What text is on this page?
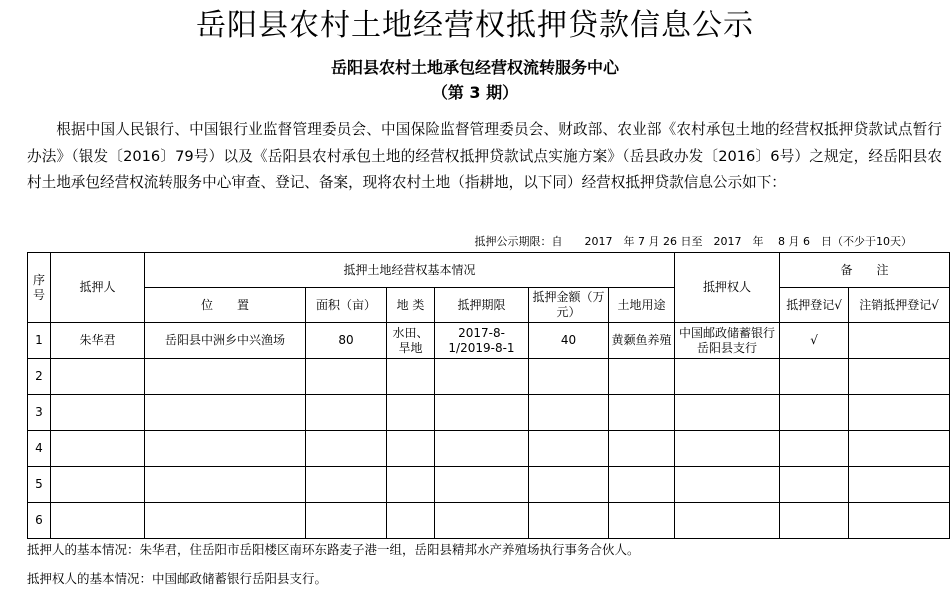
岳阳县农村土地经营权抵押贷款信息公示
岳阳县农村土地承包经营权流转服务中心
（第 3 期）
根据中国人民银行、中国银行业监督管理委员会、中国保险监督管理委员会、财政部、农业部《农村承包土地的经营权抵押贷款试点暂行办法》（银发〔2016〕79号）以及《岳阳县农村承包土地的经营权抵押贷款试点实施方案》（岳县政办发〔2016〕6号）之规定，经岳阳县农村土地承包经营权流转服务中心审查、登记、备案，现将农村土地（指耕地，以下同）经营权抵押贷款信息公示如下：
抵押公示期限：自　　2017　年 7 月 26 日至　2017　年　 8 月 6　日（不少于10天）
序号	抵押人	抵押土地经营权基本情况						抵押权人	备　　注	
		位　　置	面积（亩）	地 类	抵押期限	抵押金额（万元）	土地用途		抵押登记√	注销抵押登记√
1	朱华君	岳阳县中洲乡中兴渔场	80	水田、旱地	2017-8-1/2019-8-1	40	黄颡鱼养殖	中国邮政储蓄银行岳阳县支行	√	
2										
3										
4										
5										
6										
抵押人的基本情况：朱华君，住岳阳市岳阳楼区南环东路麦子港一组，岳阳县精邦水产养殖场执行事务合伙人。
抵押权人的基本情况：中国邮政储蓄银行岳阳县支行。
